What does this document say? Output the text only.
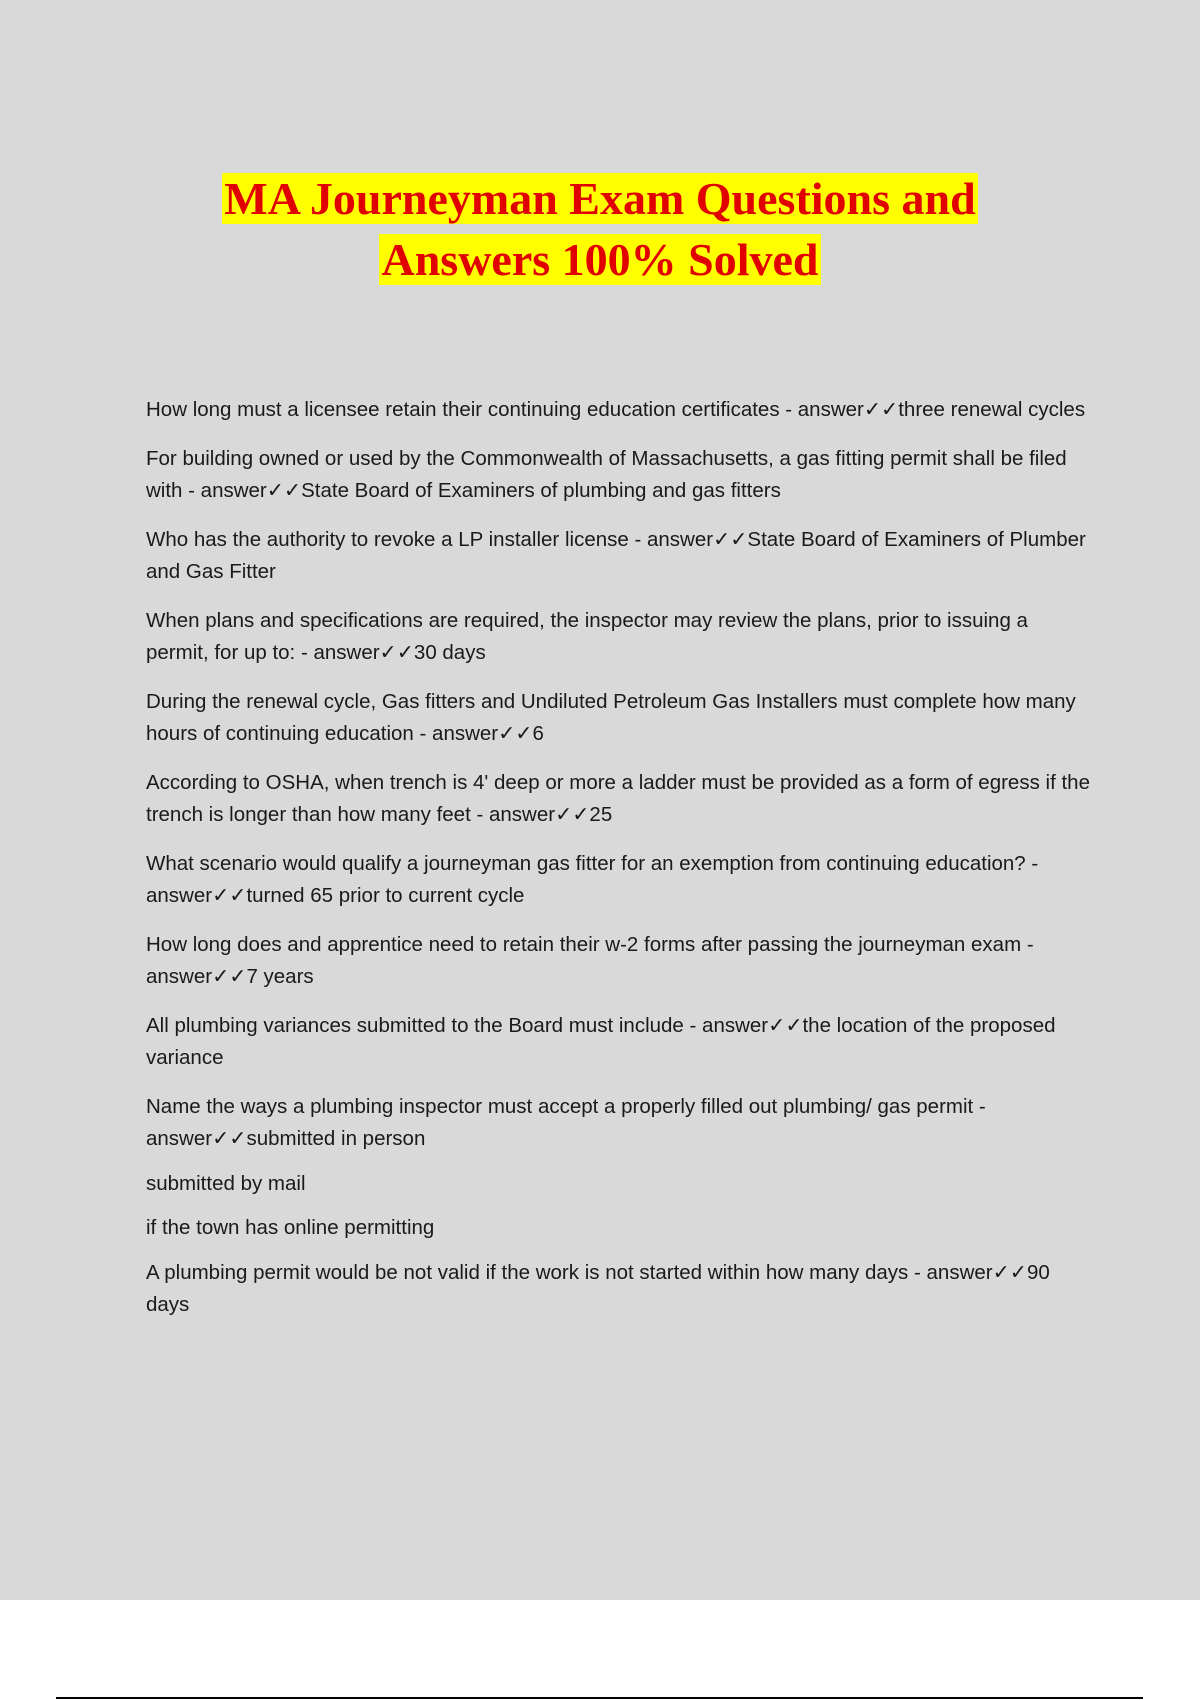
MA Journeyman Exam Questions and
Answers 100% Solved

How long must a licensee retain their continuing education certificates - answer✓✓three renewal cycles

For building owned or used by the Commonwealth of Massachusetts, a gas fitting permit shall be filed with - answer✓✓State Board of Examiners of plumbing and gas fitters

Who has the authority to revoke a LP installer license - answer✓✓State Board of Examiners of Plumber and Gas Fitter

When plans and specifications are required, the inspector may review the plans, prior to issuing a permit, for up to: - answer✓✓30 days

During the renewal cycle, Gas fitters and Undiluted Petroleum Gas Installers must complete how many hours of continuing education - answer✓✓6

According to OSHA, when trench is 4' deep or more a ladder must be provided as a form of egress if the trench is longer than how many feet - answer✓✓25

What scenario would qualify a journeyman gas fitter for an exemption from continuing education? - answer✓✓turned 65 prior to current cycle

How long does and apprentice need to retain their w-2 forms after passing the journeyman exam - answer✓✓7 years

All plumbing variances submitted to the Board must include - answer✓✓the location of the proposed variance

Name the ways a plumbing inspector must accept a properly filled out plumbing/ gas permit - answer✓✓submitted in person

submitted by mail

if the town has online permitting

A plumbing permit would be not valid if the work is not started within how many days - answer✓✓90 days
